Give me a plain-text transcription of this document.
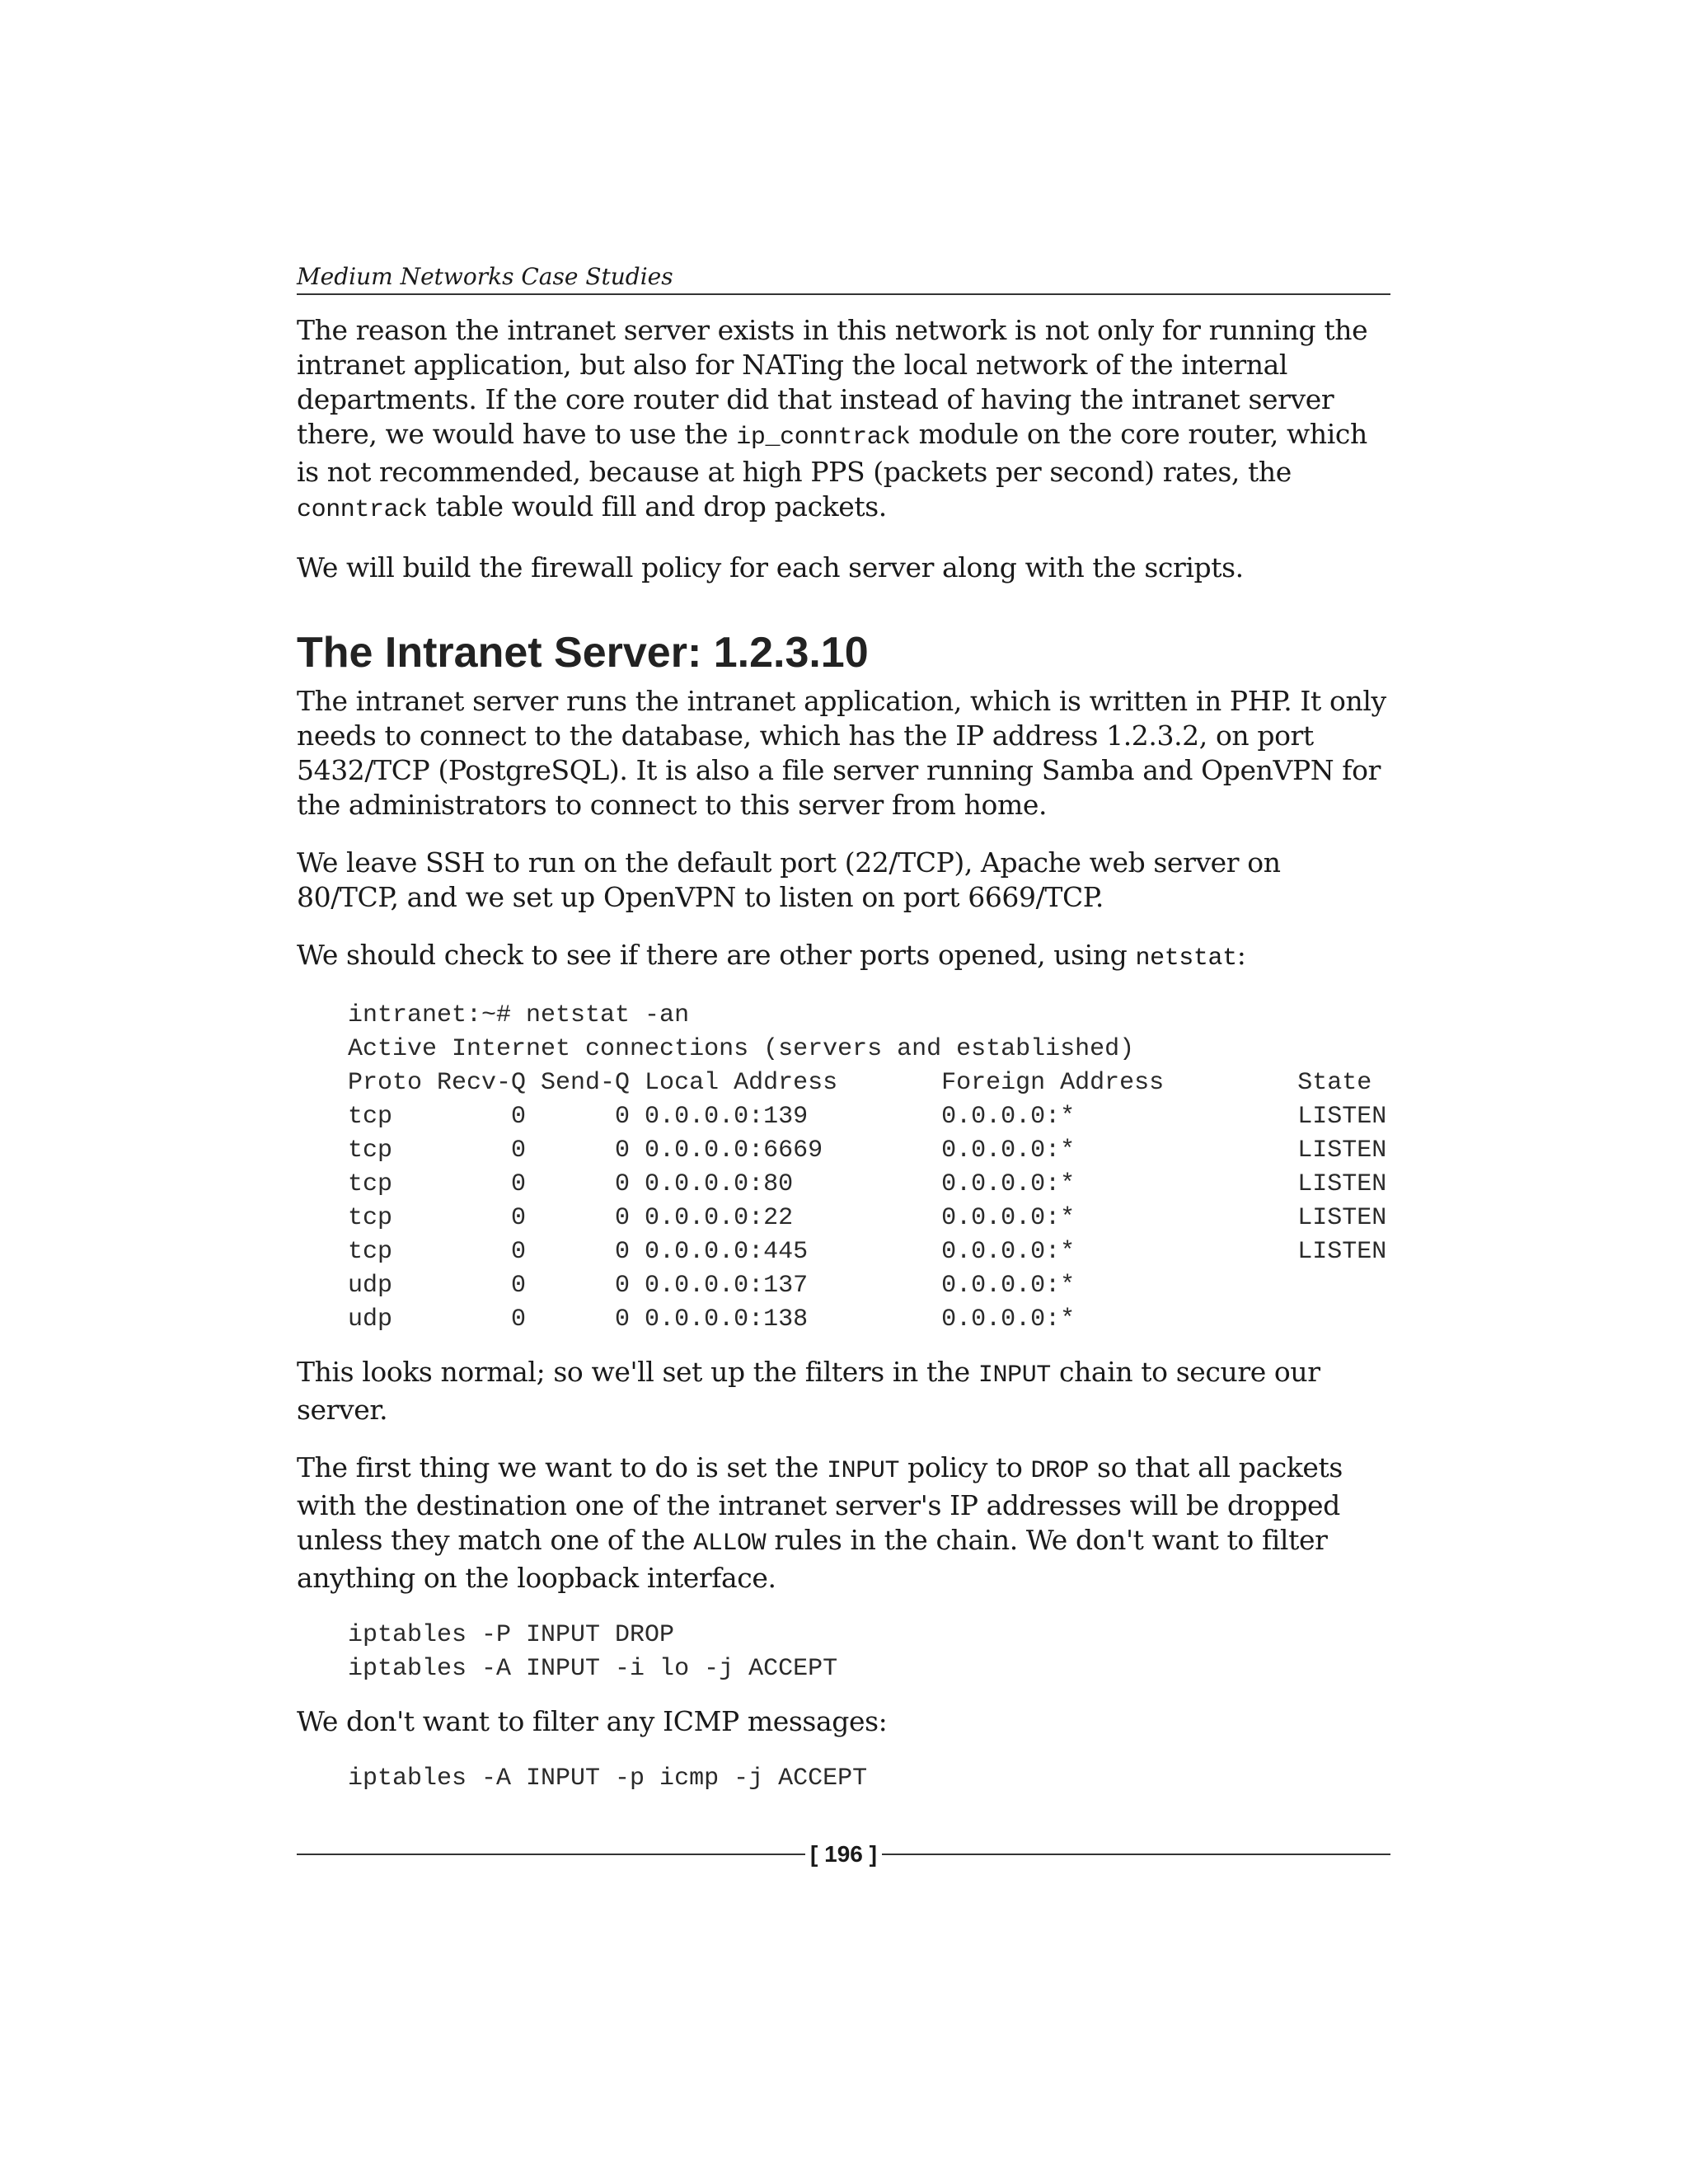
Medium Networks Case Studies

The reason the intranet server exists in this network is not only for running the intranet application, but also for NATing the local network of the internal departments. If the core router did that instead of having the intranet server there, we would have to use the ip_conntrack module on the core router, which is not recommended, because at high PPS (packets per second) rates, the conntrack table would fill and drop packets.

We will build the firewall policy for each server along with the scripts.

The Intranet Server: 1.2.3.10

The intranet server runs the intranet application, which is written in PHP. It only needs to connect to the database, which has the IP address 1.2.3.2, on port 5432/TCP (PostgreSQL). It is also a file server running Samba and OpenVPN for the administrators to connect to this server from home.

We leave SSH to run on the default port (22/TCP), Apache web server on 80/TCP, and we set up OpenVPN to listen on port 6669/TCP.

We should check to see if there are other ports opened, using netstat:

intranet:~# netstat -an
Active Internet connections (servers and established)
Proto Recv-Q Send-Q Local Address       Foreign Address         State
tcp        0      0 0.0.0.0:139         0.0.0.0:*               LISTEN
tcp        0      0 0.0.0.0:6669        0.0.0.0:*               LISTEN
tcp        0      0 0.0.0.0:80          0.0.0.0:*               LISTEN
tcp        0      0 0.0.0.0:22          0.0.0.0:*               LISTEN
tcp        0      0 0.0.0.0:445         0.0.0.0:*               LISTEN
udp        0      0 0.0.0.0:137         0.0.0.0:*
udp        0      0 0.0.0.0:138         0.0.0.0:*

This looks normal; so we'll set up the filters in the INPUT chain to secure our server.

The first thing we want to do is set the INPUT policy to DROP so that all packets with the destination one of the intranet server's IP addresses will be dropped unless they match one of the ALLOW rules in the chain. We don't want to filter anything on the loopback interface.

iptables -P INPUT DROP
iptables -A INPUT -i lo -j ACCEPT

We don't want to filter any ICMP messages:

iptables -A INPUT -p icmp -j ACCEPT
[ 196 ]
